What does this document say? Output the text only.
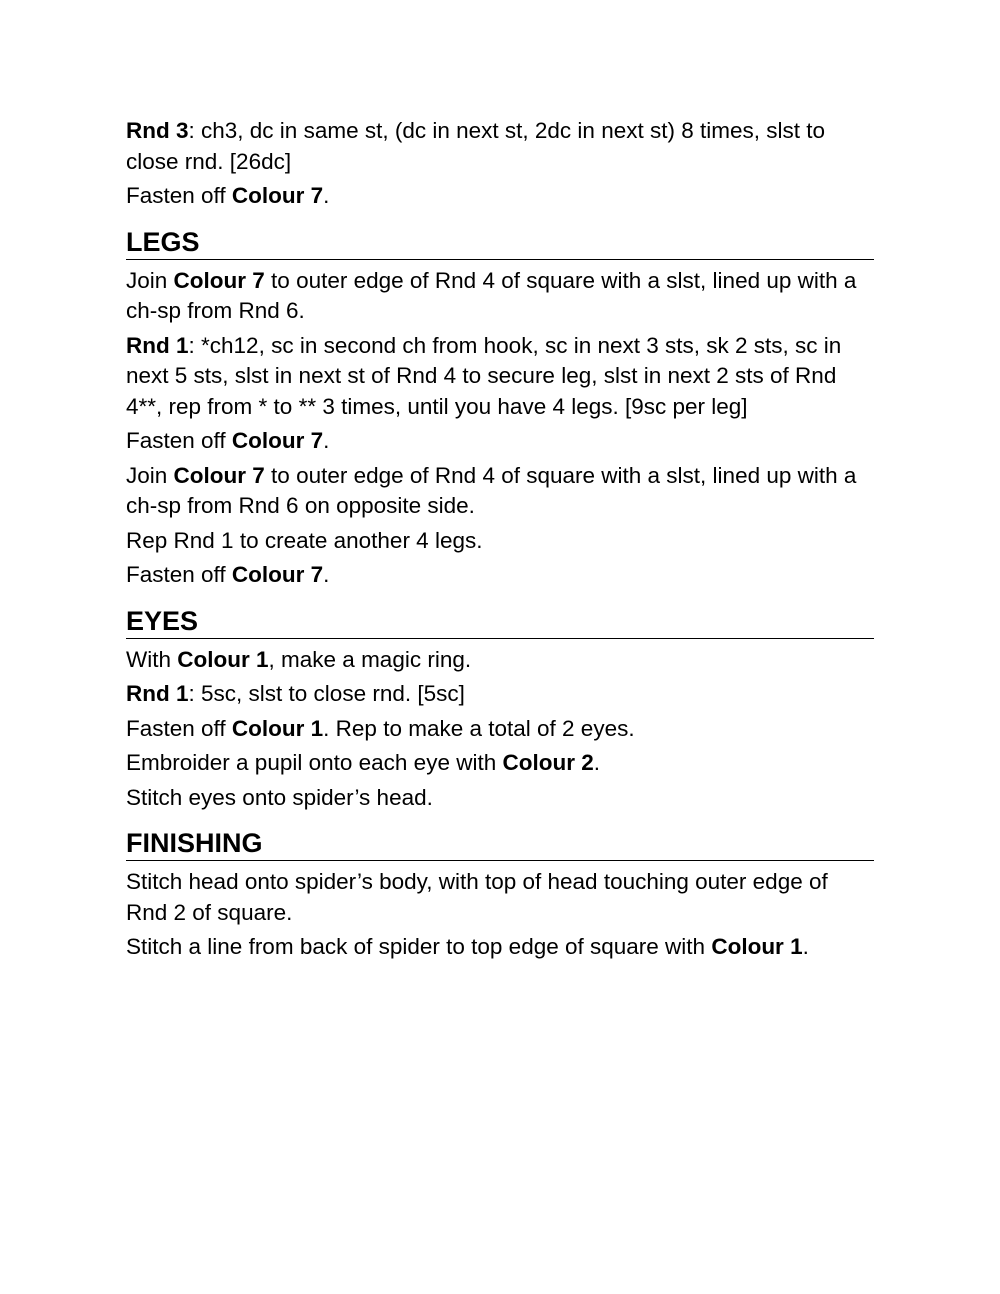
Rnd 3: ch3, dc in same st, (dc in next st, 2dc in next st) 8 times, slst to close rnd. [26dc]

Fasten off Colour 7.

LEGS

Join Colour 7 to outer edge of Rnd 4 of square with a slst, lined up with a ch-sp from Rnd 6.

Rnd 1: *ch12, sc in second ch from hook, sc in next 3 sts, sk 2 sts, sc in next 5 sts, slst in next st of Rnd 4 to secure leg, slst in next 2 sts of Rnd 4**, rep from * to ** 3 times, until you have 4 legs. [9sc per leg]

Fasten off Colour 7.

Join Colour 7 to outer edge of Rnd 4 of square with a slst, lined up with a ch-sp from Rnd 6 on opposite side.

Rep Rnd 1 to create another 4 legs.

Fasten off Colour 7.

EYES

With Colour 1, make a magic ring.

Rnd 1: 5sc, slst to close rnd. [5sc]

Fasten off Colour 1. Rep to make a total of 2 eyes.

Embroider a pupil onto each eye with Colour 2.

Stitch eyes onto spider’s head.

FINISHING

Stitch head onto spider’s body, with top of head touching outer edge of Rnd 2 of square.

Stitch a line from back of spider to top edge of square with Colour 1.
